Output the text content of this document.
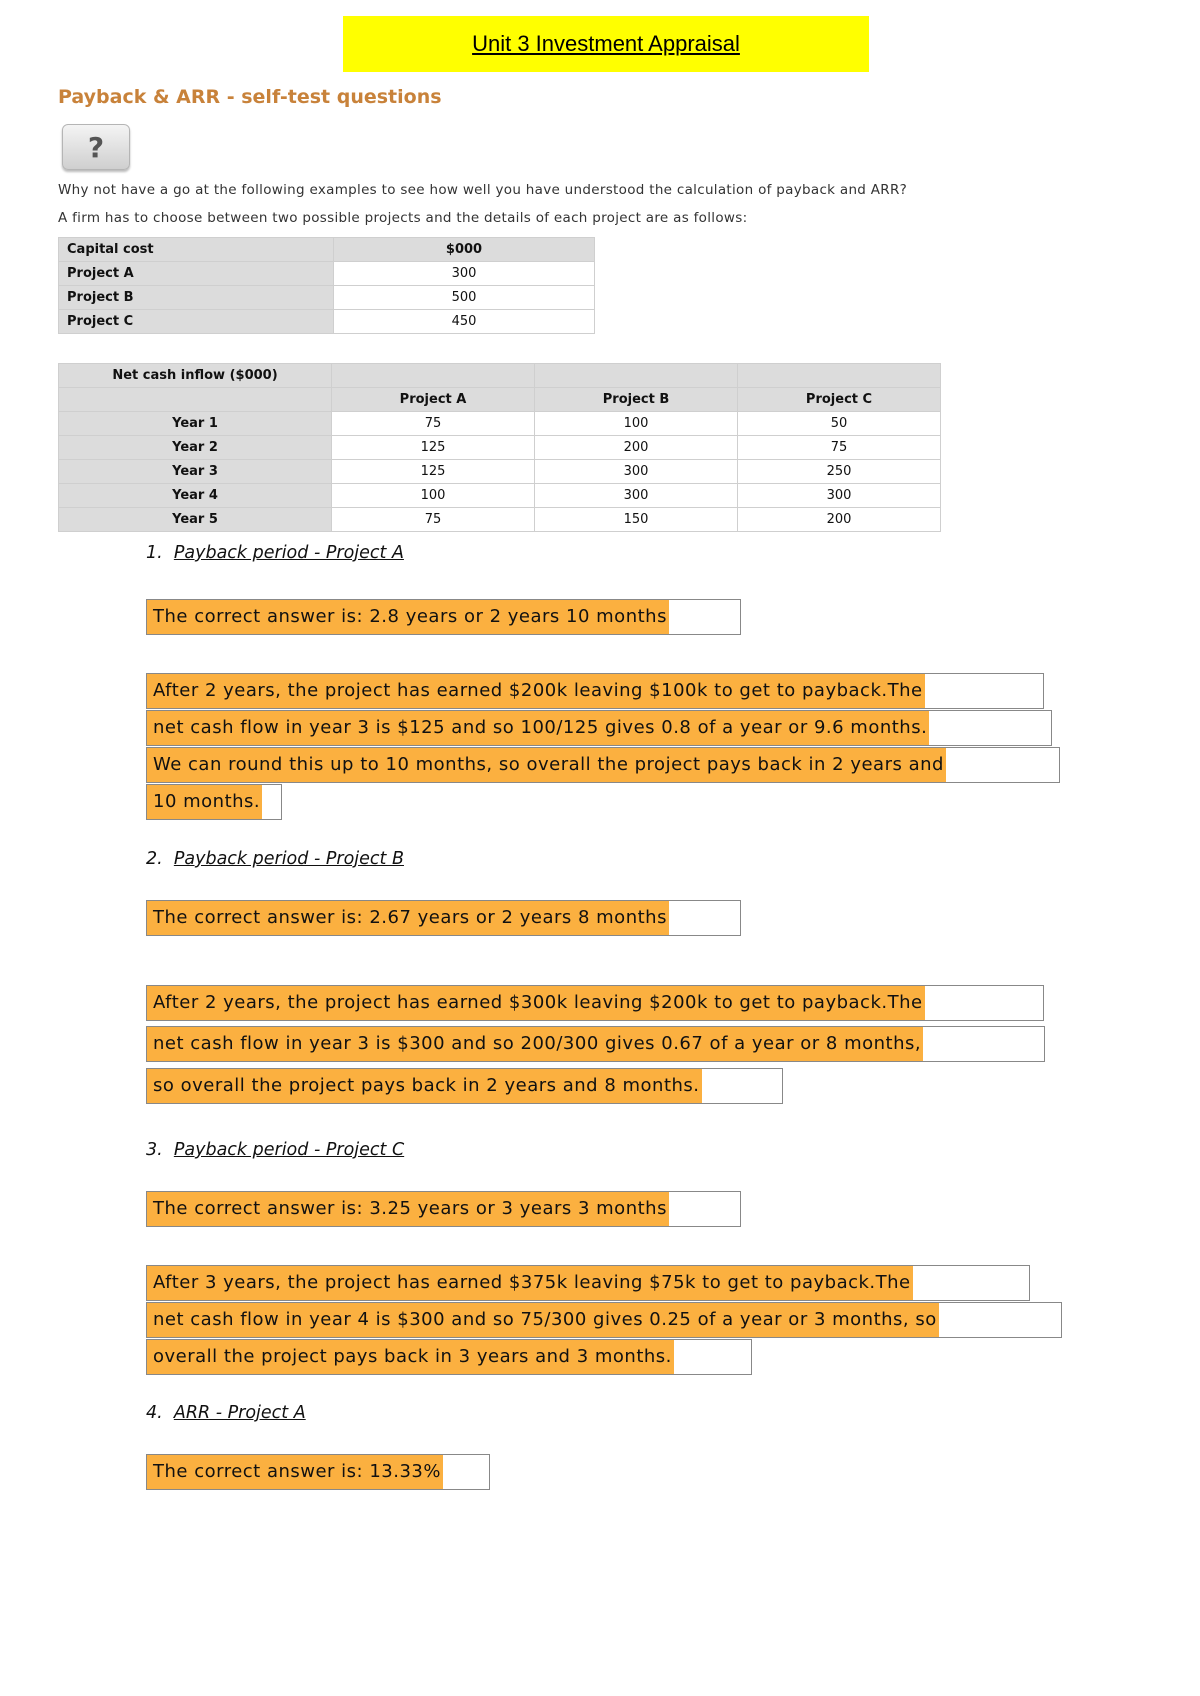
Unit 3 Investment Appraisal
Payback & ARR - self-test questions
?
Why not have a go at the following examples to see how well you have understood the calculation of payback and ARR?
A firm has to choose between two possible projects and the details of each project are as follows:
Capital cost	$000
Project A	300
Project B	500
Project C	450
Net cash inflow ($000)			
	Project A	Project B	Project C
Year 1	75	100	50
Year 2	125	200	75
Year 3	125	300	250
Year 4	100	300	300
Year 5	75	150	200
1. Payback period - Project A
The correct answer is: 2.8 years or 2 years 10 months
After 2 years, the project has earned $200k leaving $100k to get to payback.The
net cash flow in year 3 is $125 and so 100/125 gives 0.8 of a year or 9.6 months.
We can round this up to 10 months, so overall the project pays back in 2 years and
10 months.
2. Payback period - Project B
The correct answer is: 2.67 years or 2 years 8 months
After 2 years, the project has earned $300k leaving $200k to get to payback.The
net cash flow in year 3 is $300 and so 200/300 gives 0.67 of a year or 8 months,
so overall the project pays back in 2 years and 8 months.
3. Payback period - Project C
The correct answer is: 3.25 years or 3 years 3 months
After 3 years, the project has earned $375k leaving $75k to get to payback.The
net cash flow in year 4 is $300 and so 75/300 gives 0.25 of a year or 3 months, so
overall the project pays back in 3 years and 3 months.
4. ARR - Project A
The correct answer is: 13.33%
